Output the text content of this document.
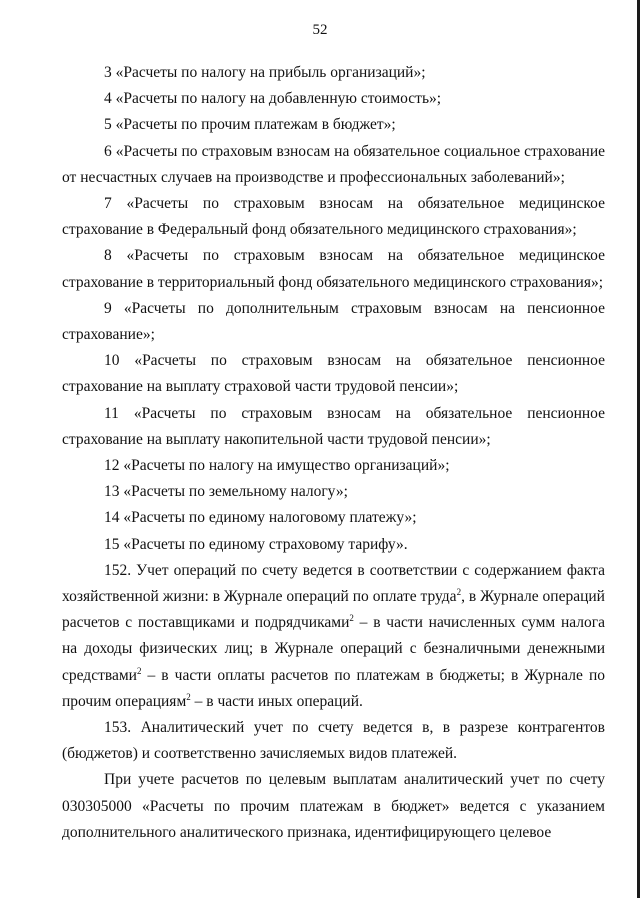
52

3 «Расчеты по налогу на прибыль организаций»;

4 «Расчеты по налогу на добавленную стоимость»;

5 «Расчеты по прочим платежам в бюджет»;

6 «Расчеты по страховым взносам на обязательное социальное страхование от несчастных случаев на производстве и профессиональных заболеваний»;

7 «Расчеты по страховым взносам на обязательное медицинское страхование в Федеральный фонд обязательного медицинского страхования»;

8 «Расчеты по страховым взносам на обязательное медицинское страхование в территориальный фонд обязательного медицинского страхования»;

9 «Расчеты по дополнительным страховым взносам на пенсионное страхование»;

10 «Расчеты по страховым взносам на обязательное пенсионное страхование на выплату страховой части трудовой пенсии»;

11 «Расчеты по страховым взносам на обязательное пенсионное страхование на выплату накопительной части трудовой пенсии»;

12 «Расчеты по налогу на имущество организаций»;

13 «Расчеты по земельному налогу»;

14 «Расчеты по единому налоговому платежу»;

15 «Расчеты по единому страховому тарифу».

152. Учет операций по счету ведется в соответствии с содержанием факта хозяйственной жизни: в Журнале операций по оплате труда$^2$, в Журнале операций расчетов с поставщиками и подрядчиками$^2$ – в части начисленных сумм налога на доходы физических лиц; в Журнале операций с безналичными денежными средствами$^2$ – в части оплаты расчетов по платежам в бюджеты; в Журнале по прочим операциям$^2$ – в части иных операций.

153. Аналитический учет по счету ведется в, в разрезе контрагентов (бюджетов) и соответственно зачисляемых видов платежей.

При учете расчетов по целевым выплатам аналитический учет по счету 030305000 «Расчеты по прочим платежам в бюджет» ведется с указанием дополнительного аналитического признака, идентифицирующего целевое
